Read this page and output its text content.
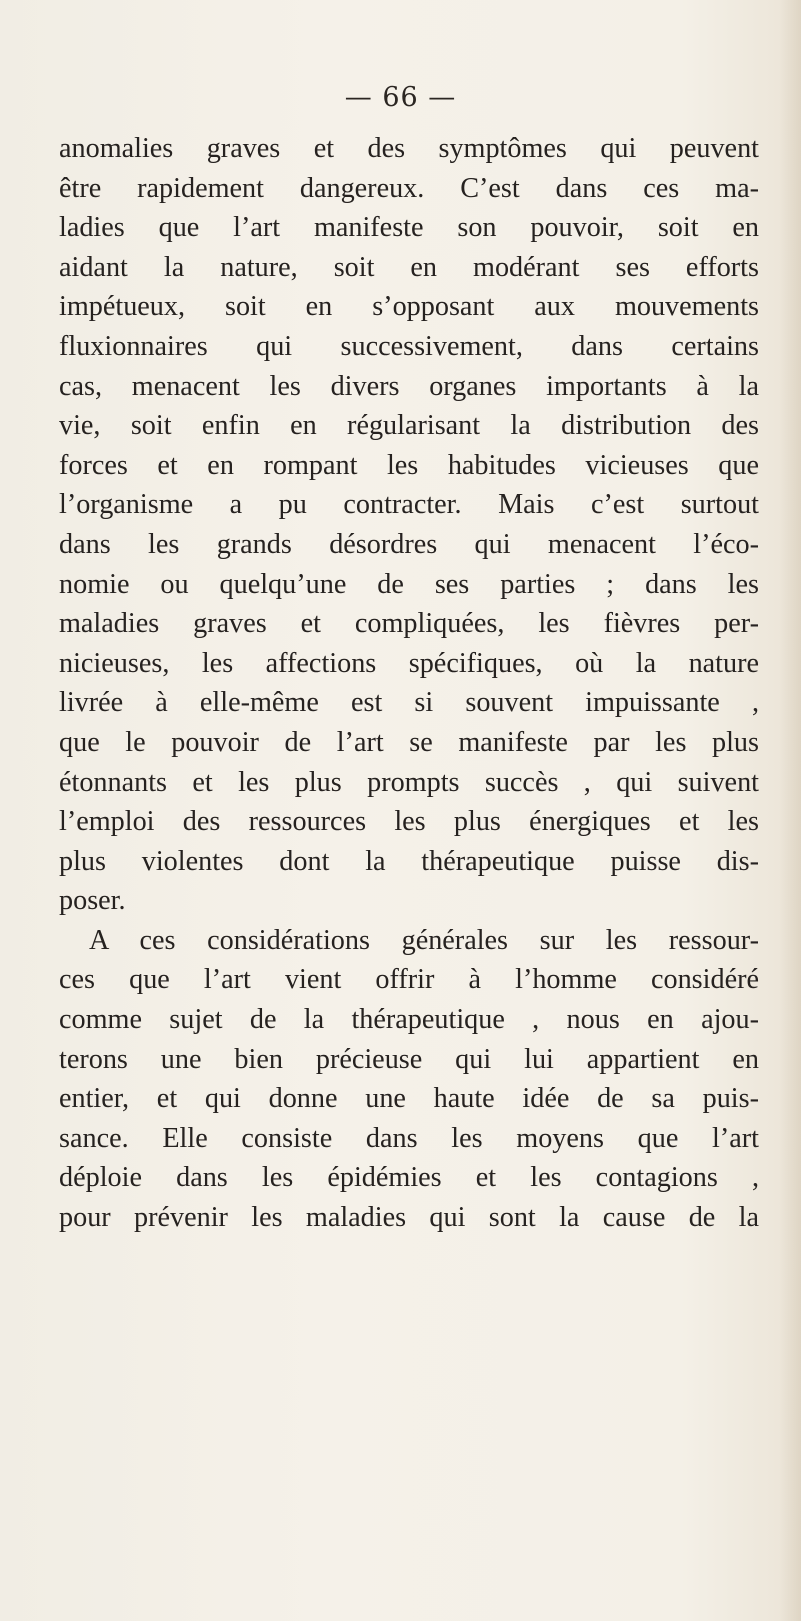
— 66 —
anomalies graves et des symptômes qui peuvent
être rapidement dangereux. C’est dans ces ma-
ladies que l’art manifeste son pouvoir, soit en
aidant la nature, soit en modérant ses efforts
impétueux, soit en s’opposant aux mouvements
fluxionnaires qui successivement, dans certains
cas, menacent les divers organes importants à la
vie, soit enfin en régularisant la distribution des
forces et en rompant les habitudes vicieuses que
l’organisme a pu contracter. Mais c’est surtout
dans les grands désordres qui menacent l’éco-
nomie ou quelqu’une de ses parties ; dans les
maladies graves et compliquées, les fièvres per-
nicieuses, les affections spécifiques, où la nature
livrée à elle-même est si souvent impuissante ,
que le pouvoir de l’art se manifeste par les plus
étonnants et les plus prompts succès , qui suivent
l’emploi des ressources les plus énergiques et les
plus violentes dont la thérapeutique puisse dis-
poser.
A ces considérations générales sur les ressour-
ces que l’art vient offrir à l’homme considéré
comme sujet de la thérapeutique , nous en ajou-
terons une bien précieuse qui lui appartient en
entier, et qui donne une haute idée de sa puis-
sance. Elle consiste dans les moyens que l’art
déploie dans les épidémies et les contagions ,
pour prévenir les maladies qui sont la cause de la
